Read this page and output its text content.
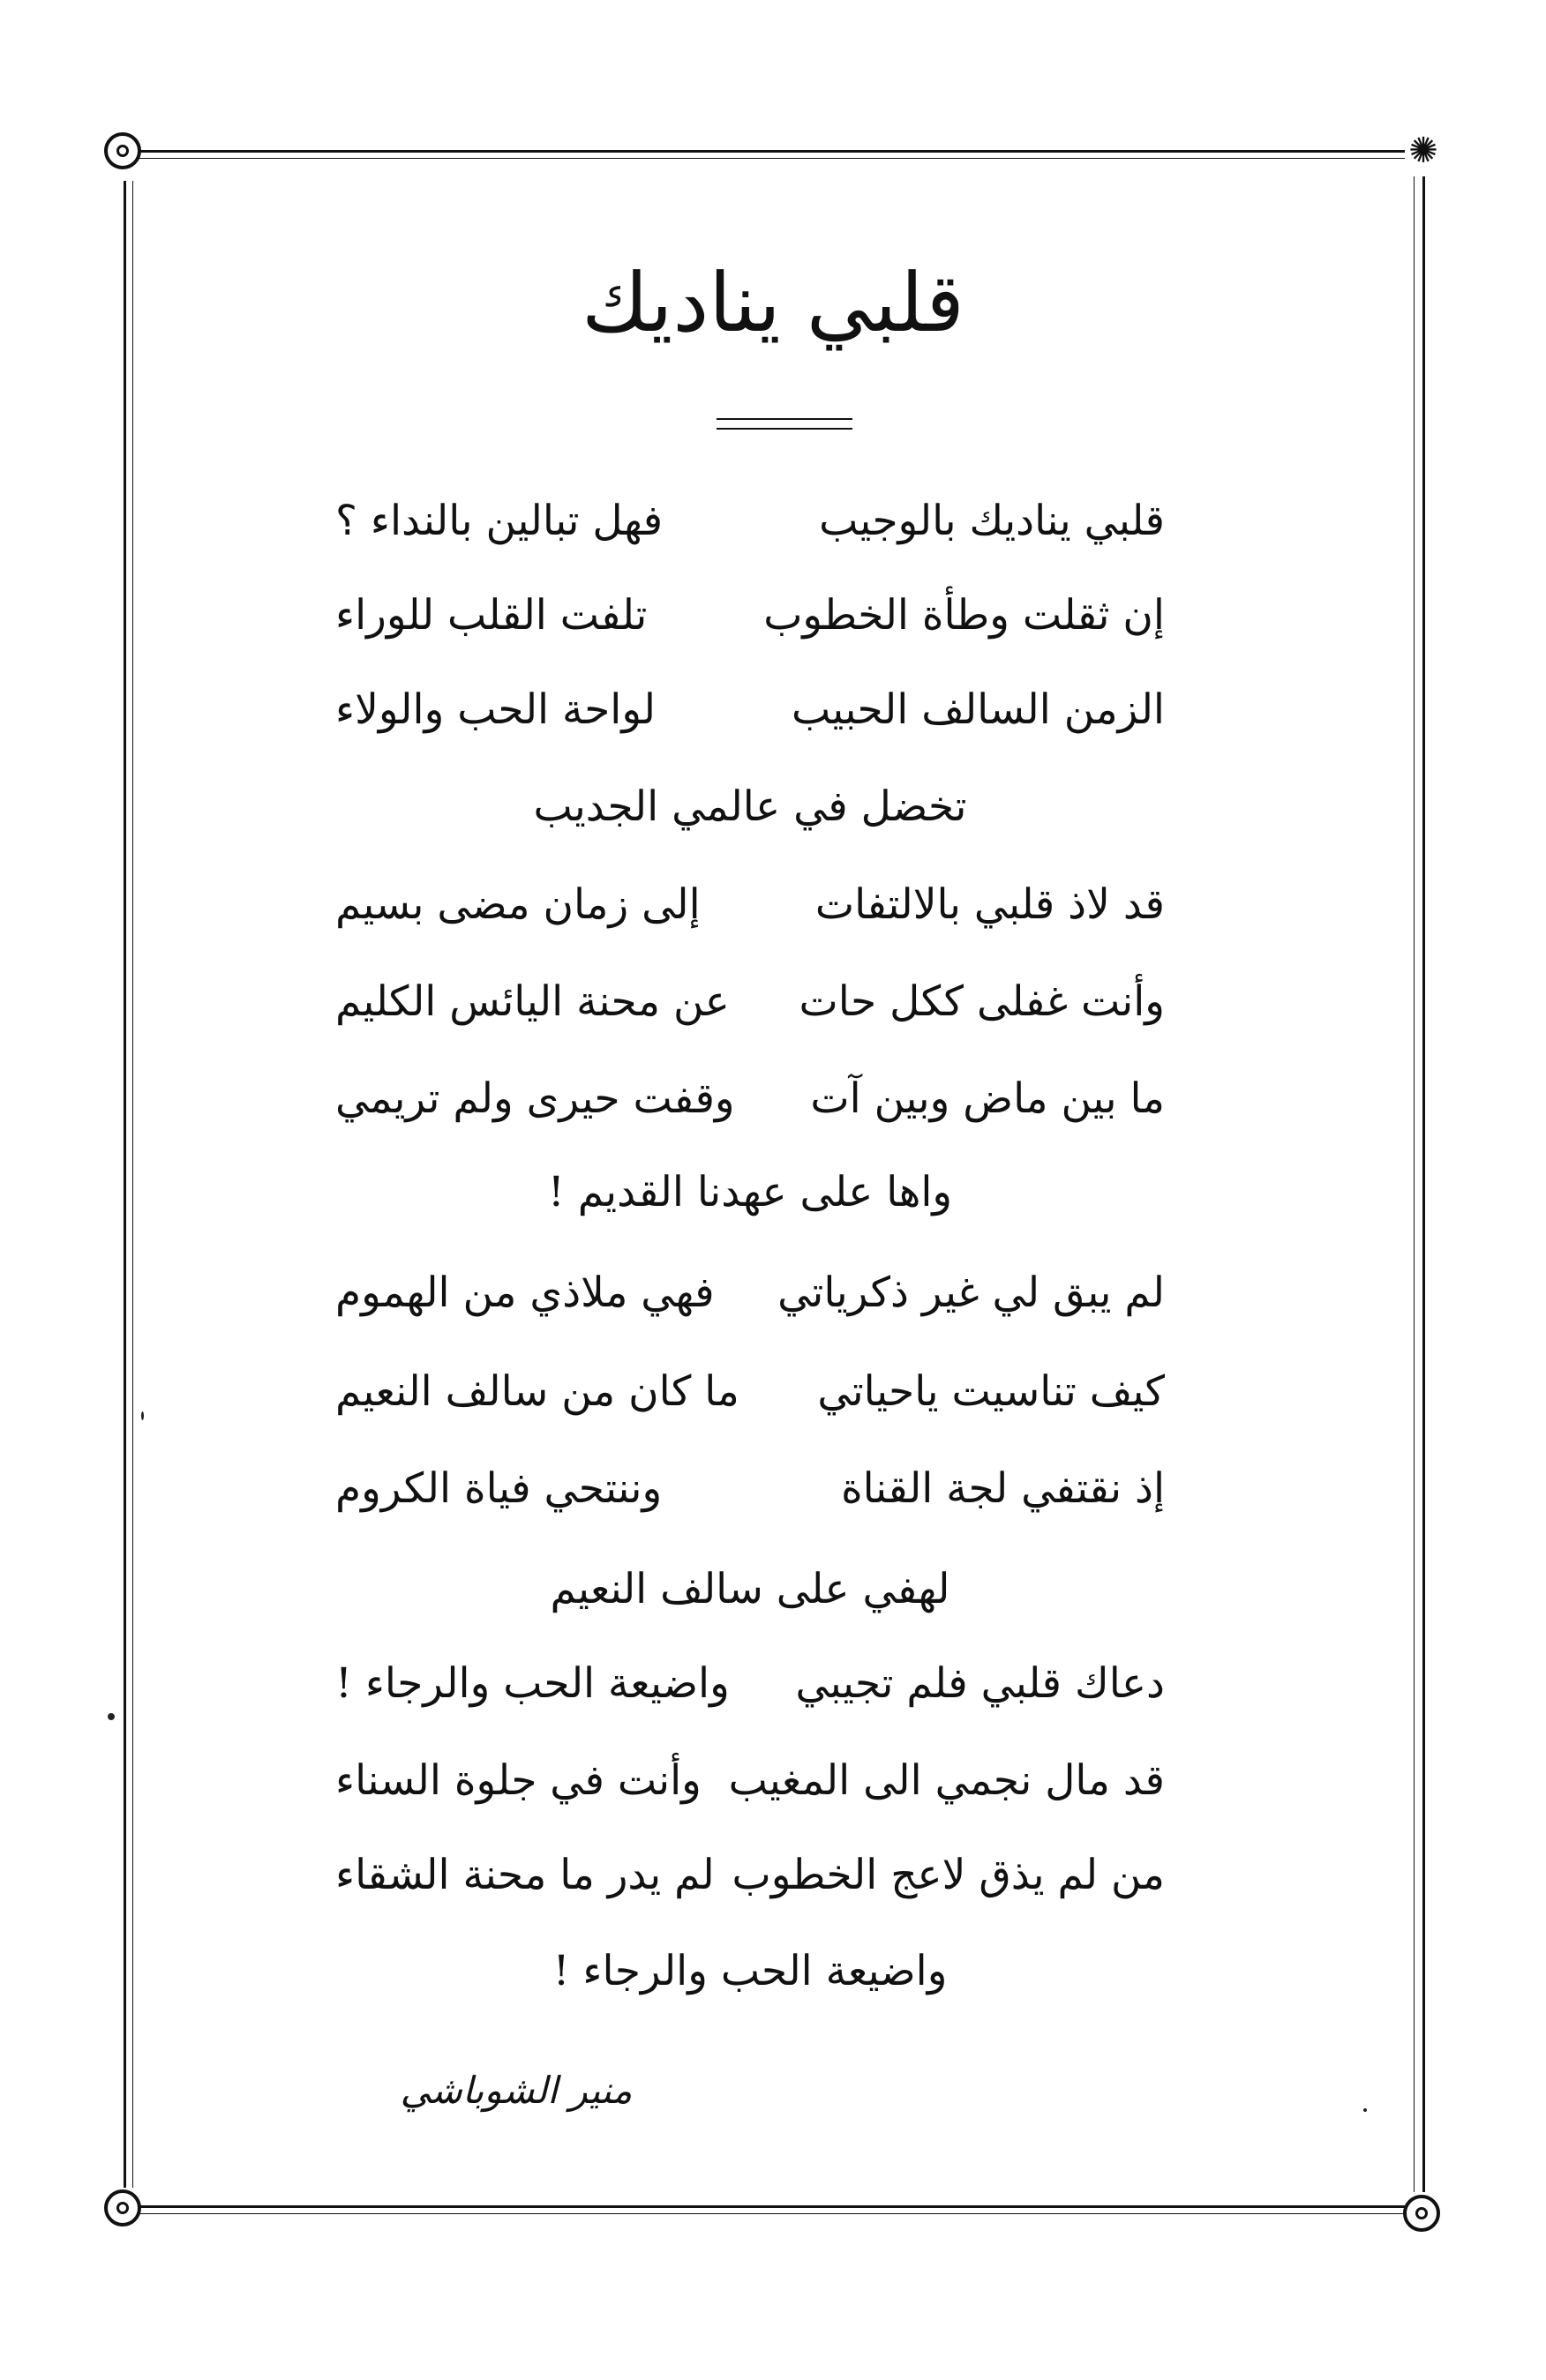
✺
قلبي يناديك
قلبي يناديك بالوجيب
فهل تبالين بالنداء ؟
إن ثقلت وطأة الخطوب
تلفت القلب للوراء
الزمن السالف الحبيب
لواحة الحب والولاء
تخضل في عالمي الجديب
قد لاذ قلبي بالالتفات
إلى زمان مضى بسيم
وأنت غفلى ككل حات
عن محنة اليائس الكليم
ما بين ماض وبين آت
وقفت حيرى ولم تريمي
واها على عهدنا القديم !
لم يبق لي غير ذكرياتي
فهي ملاذي من الهموم
كيف تناسيت ياحياتي
ما كان من سالف النعيم
إذ نقتفي لجة القناة
وننتحي فياة الكروم
لهفي على سالف النعيم
دعاك قلبي فلم تجيبي
واضيعة الحب والرجاء !
قد مال نجمي الى المغيب
وأنت في جلوة السناء
من لم يذق لاعج الخطوب
لم يدر ما محنة الشقاء
واضيعة الحب والرجاء !
منير الشوباشي
